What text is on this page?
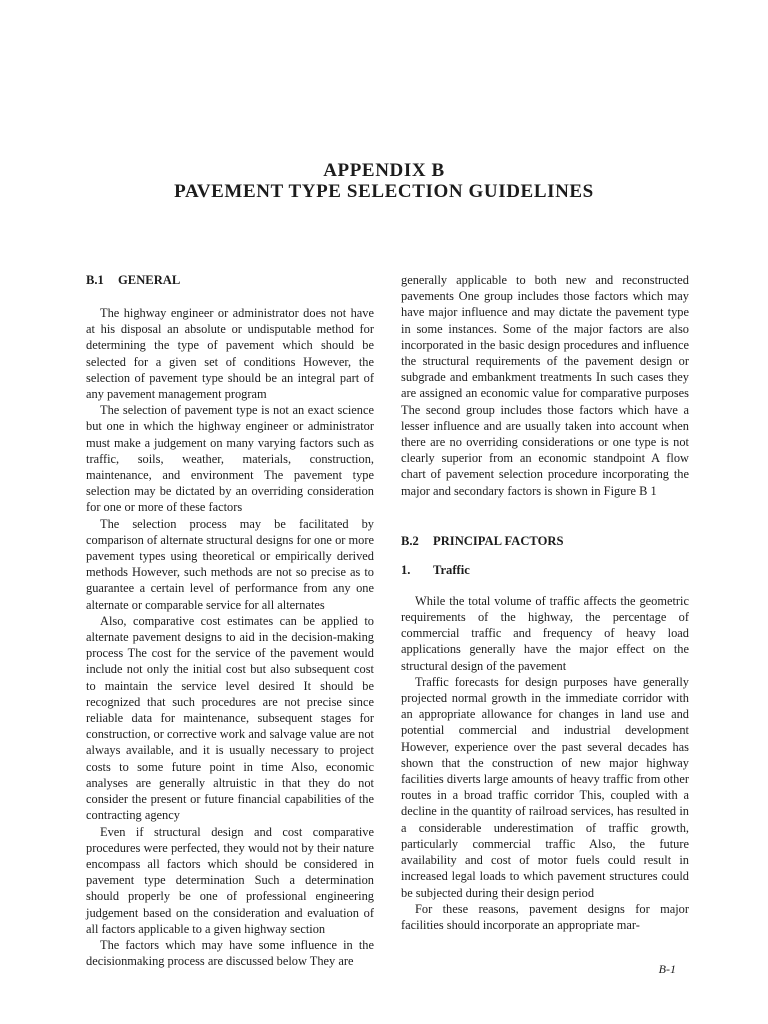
APPENDIX B
PAVEMENT TYPE SELECTION GUIDELINES
B.1 GENERAL

The highway engineer or administrator does not have at his disposal an absolute or undisputable method for determining the type of pavement which should be selected for a given set of conditions However, the selection of pavement type should be an integral part of any pavement management program

The selection of pavement type is not an exact science but one in which the highway engineer or administrator must make a judgement on many varying factors such as traffic, soils, weather, materials, construction, maintenance, and environment The pavement type selection may be dictated by an overriding consideration for one or more of these factors

The selection process may be facilitated by comparison of alternate structural designs for one or more pavement types using theoretical or empirically derived methods However, such methods are not so precise as to guarantee a certain level of performance from any one alternate or comparable service for all alternates

Also, comparative cost estimates can be applied to alternate pavement designs to aid in the decision-making process The cost for the service of the pavement would include not only the initial cost but also subsequent cost to maintain the service level desired It should be recognized that such procedures are not precise since reliable data for maintenance, subsequent stages for construction, or corrective work and salvage value are not always available, and it is usually necessary to project costs to some future point in time Also, economic analyses are generally altruistic in that they do not consider the present or future financial capabilities of the contracting agency

Even if structural design and cost comparative procedures were perfected, they would not by their nature encompass all factors which should be considered in pavement type determination Such a determination should properly be one of professional engineering judgement based on the consideration and evaluation of all factors applicable to a given highway section

The factors which may have some influence in the decisionmaking process are discussed below They are

generally applicable to both new and reconstructed pavements One group includes those factors which may have major influence and may dictate the pavement type in some instances. Some of the major factors are also incorporated in the basic design procedures and influence the structural requirements of the pavement design or subgrade and embankment treatments In such cases they are assigned an economic value for comparative purposes The second group includes those factors which have a lesser influence and are usually taken into account when there are no overriding considerations or one type is not clearly superior from an economic standpoint A flow chart of pavement selection procedure incorporating the major and secondary factors is shown in Figure B 1

B.2 PRINCIPAL FACTORS
1. Traffic

While the total volume of traffic affects the geometric requirements of the highway, the percentage of commercial traffic and frequency of heavy load applications generally have the major effect on the structural design of the pavement

Traffic forecasts for design purposes have generally projected normal growth in the immediate corridor with an appropriate allowance for changes in land use and potential commercial and industrial development However, experience over the past several decades has shown that the construction of new major highway facilities diverts large amounts of heavy traffic from other routes in a broad traffic corridor This, coupled with a decline in the quantity of railroad services, has resulted in a considerable underestimation of traffic growth, particularly commercial traffic Also, the future availability and cost of motor fuels could result in increased legal loads to which pavement structures could be subjected during their design period

For these reasons, pavement designs for major facilities should incorporate an appropriate mar-

B-1
